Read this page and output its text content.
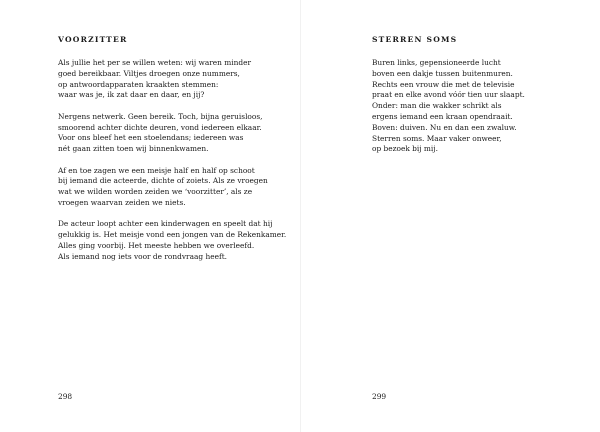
VOORZITTER
Als jullie het per se willen weten: wij waren minder
goed bereikbaar. Viltjes droegen onze nummers,
op antwoordapparaten kraakten stemmen:
waar was je, ik zat daar en daar, en jij?
Nergens netwerk. Geen bereik. Toch, bijna geruisloos,
smoorend achter dichte deuren, vond iedereen elkaar.
Voor ons bleef het een stoelendans; iedereen was
nét gaan zitten toen wij binnenkwamen.
Af en toe zagen we een meisje half en half op schoot
bij iemand die acteerde, dichte of zoiets. Als ze vroegen
wat we wilden worden zeiden we ‘voorzitter’, als ze
vroegen waarvan zeiden we niets.
De acteur loopt achter een kinderwagen en speelt dat hij
gelukkig is. Het meisje vond een jongen van de Rekenkamer.
Alles ging voorbij. Het meeste hebben we overleefd.
Als iemand nog iets voor de rondvraag heeft.
298
STERREN SOMS
Buren links, gepensioneerde lucht
boven een dakje tussen buitenmuren.
Rechts een vrouw die met de televisie
praat en elke avond vóór tien uur slaapt.
Onder: man die wakker schrikt als
ergens iemand een kraan opendraait.
Boven: duiven. Nu en dan een zwaluw.
Sterren soms. Maar vaker onweer,
op bezoek bij mij.
299
